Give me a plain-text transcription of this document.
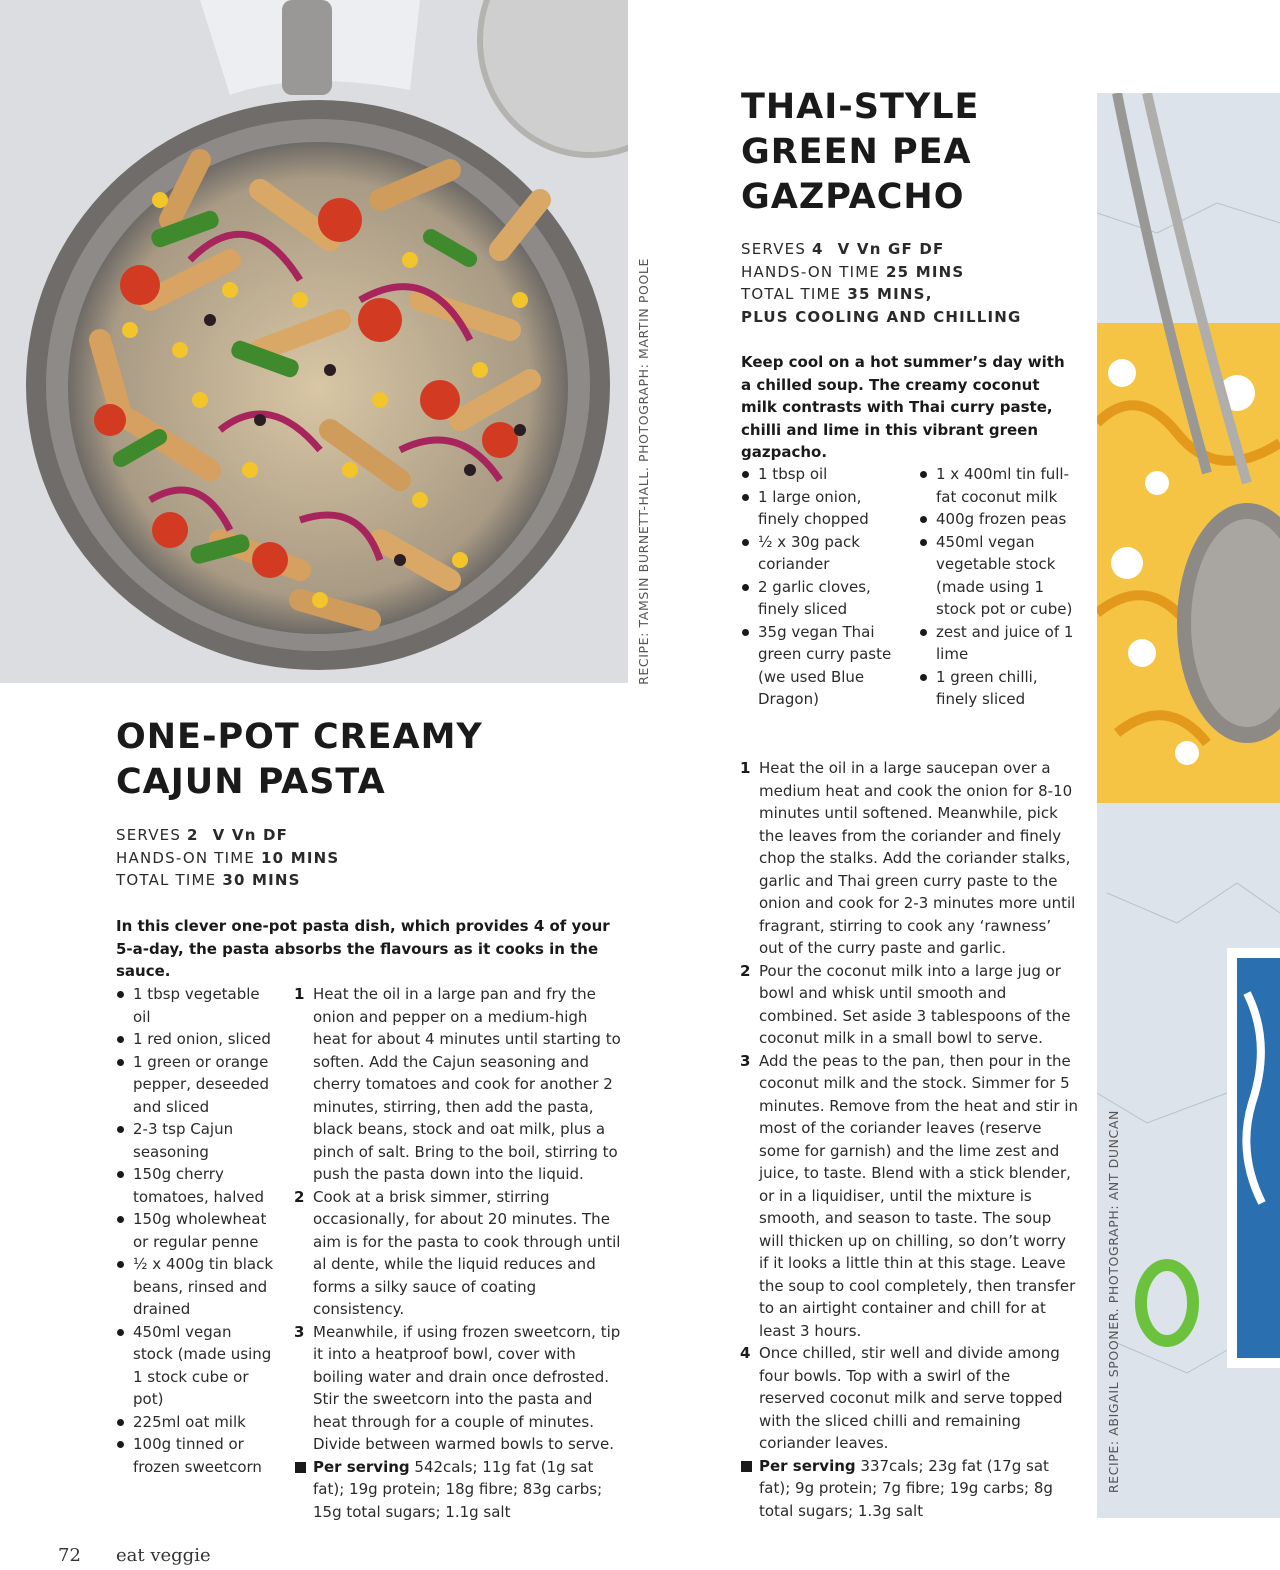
RECIPE: TAMSIN BURNETT-HALL. PHOTOGRAPH: MARTIN POOLE
RECIPE: ABIGAIL SPOONER. PHOTOGRAPH: ANT DUNCAN
THAI-STYLE
GREEN PEA
GAZPACHO
SERVES 4 V Vn GF DF
HANDS-ON TIME 25 MINS
TOTAL TIME 35 MINS,
PLUS COOLING AND CHILLING
Keep cool on a hot summer’s day with a chilled soup. The creamy coconut milk contrasts with Thai curry paste, chilli and lime in this vibrant green gazpacho.
1 tbsp oil
1 large onion, finely chopped
½ x 30g pack coriander
2 garlic cloves, finely sliced
35g vegan Thai green curry paste (we used Blue Dragon)
1 x 400ml tin full-fat coconut milk
400g frozen peas
450ml vegan vegetable stock (made using 1 stock pot or cube)
zest and juice of 1 lime
1 green chilli, finely sliced
1 Heat the oil in a large saucepan over a medium heat and cook the onion for 8-10 minutes until softened. Meanwhile, pick the leaves from the coriander and finely chop the stalks. Add the coriander stalks, garlic and Thai green curry paste to the onion and cook for 2-3 minutes more until fragrant, stirring to cook any ‘rawness’ out of the curry paste and garlic.
2 Pour the coconut milk into a large jug or bowl and whisk until smooth and combined. Set aside 3 tablespoons of the coconut milk in a small bowl to serve.
3 Add the peas to the pan, then pour in the coconut milk and the stock. Simmer for 5 minutes. Remove from the heat and stir in most of the coriander leaves (reserve some for garnish) and the lime zest and juice, to taste. Blend with a stick blender, or in a liquidiser, until the mixture is smooth, and season to taste. The soup will thicken up on chilling, so don’t worry if it looks a little thin at this stage. Leave the soup to cool completely, then transfer to an airtight container and chill for at least 3 hours.
4 Once chilled, stir well and divide among four bowls. Top with a swirl of the reserved coconut milk and serve topped with the sliced chilli and remaining coriander leaves.
Per serving 337cals; 23g fat (17g sat fat); 9g protein; 7g fibre; 19g carbs; 8g total sugars; 1.3g salt
ONE-POT CREAMY
CAJUN PASTA
SERVES 2 V Vn DF
HANDS-ON TIME 10 MINS
TOTAL TIME 30 MINS
In this clever one-pot pasta dish, which provides 4 of your 5-a-day, the pasta absorbs the flavours as it cooks in the sauce.
1 tbsp vegetable oil
1 red onion, sliced
1 green or orange pepper, deseeded and sliced
2-3 tsp Cajun seasoning
150g cherry tomatoes, halved
150g wholewheat or regular penne
½ x 400g tin black beans, rinsed and drained
450ml vegan stock (made using 1 stock cube or pot)
225ml oat milk
100g tinned or frozen sweetcorn
1 Heat the oil in a large pan and fry the onion and pepper on a medium-high heat for about 4 minutes until starting to soften. Add the Cajun seasoning and cherry tomatoes and cook for another 2 minutes, stirring, then add the pasta, black beans, stock and oat milk, plus a pinch of salt. Bring to the boil, stirring to push the pasta down into the liquid.
2 Cook at a brisk simmer, stirring occasionally, for about 20 minutes. The aim is for the pasta to cook through until al dente, while the liquid reduces and forms a silky sauce of coating consistency.
3 Meanwhile, if using frozen sweetcorn, tip it into a heatproof bowl, cover with boiling water and drain once defrosted. Stir the sweetcorn into the pasta and heat through for a couple of minutes. Divide between warmed bowls to serve.
Per serving 542cals; 11g fat (1g sat fat); 19g protein; 18g fibre; 83g carbs; 15g total sugars; 1.1g salt
72 eat veggie
